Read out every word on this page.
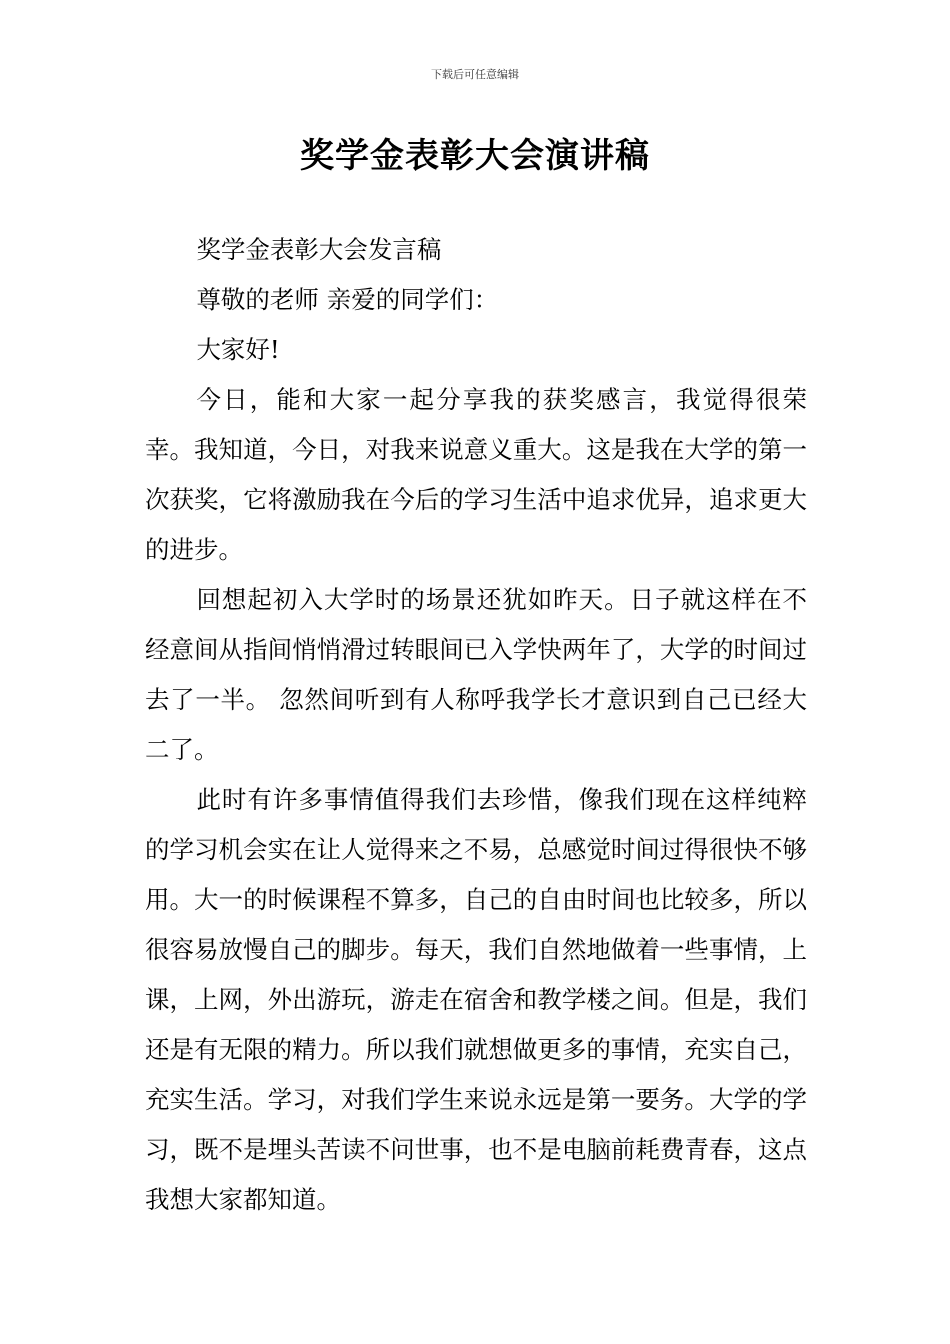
下载后可任意编辑
奖学金表彰大会演讲稿

奖学金表彰大会发言稿

尊敬的老师 亲爱的同学们：

大家好!

今日，能和大家一起分享我的获奖感言，我觉得很荣幸。我知道，今日，对我来说意义重大。这是我在大学的第一次获奖，它将激励我在今后的学习生活中追求优异，追求更大的进步。

回想起初入大学时的场景还犹如昨天。日子就这样在不经意间从指间悄悄滑过转眼间已入学快两年了，大学的时间过去了一半。 忽然间听到有人称呼我学长才意识到自己已经大二了。

此时有许多事情值得我们去珍惜，像我们现在这样纯粹的学习机会实在让人觉得来之不易，总感觉时间过得很快不够用。大一的时候课程不算多，自己的自由时间也比较多，所以很容易放慢自己的脚步。每天，我们自然地做着一些事情，上课，上网，外出游玩，游走在宿舍和教学楼之间。但是，我们还是有无限的精力。所以我们就想做更多的事情，充实自己，充实生活。学习，对我们学生来说永远是第一要务。大学的学习，既不是埋头苦读不问世事，也不是电脑前耗费青春，这点我想大家都知道。
